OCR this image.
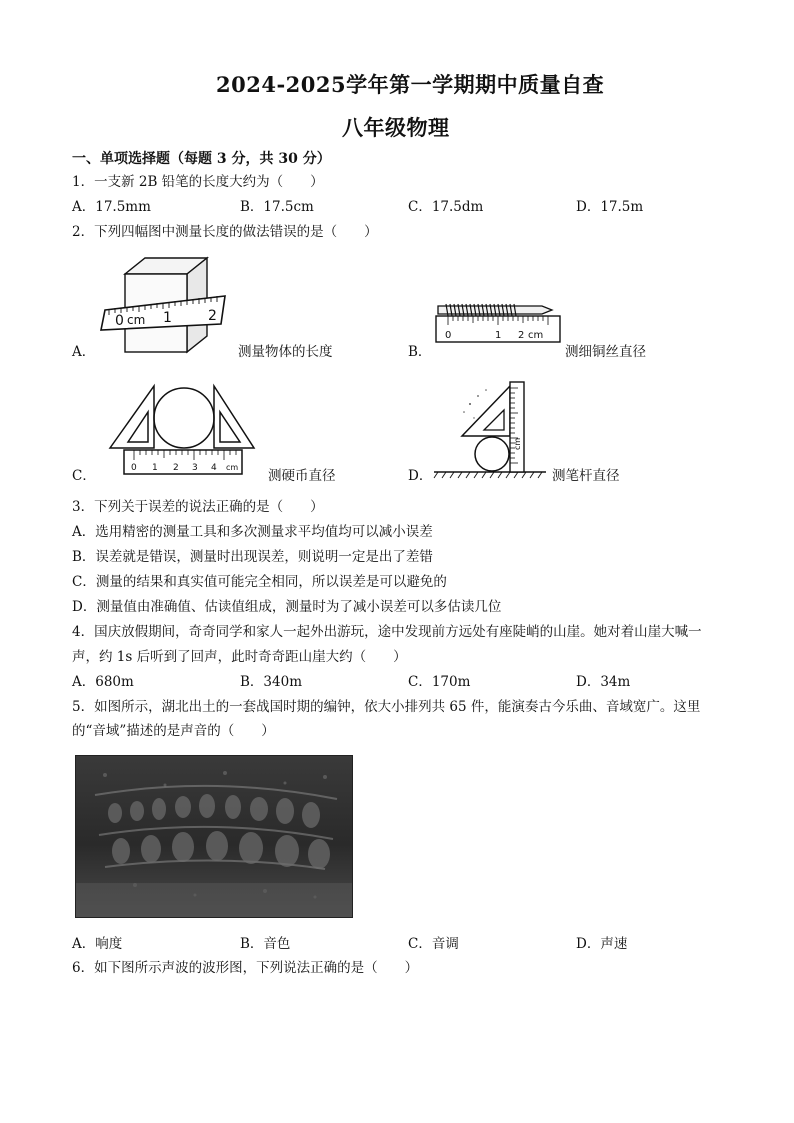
2024-2025学年第一学期期中质量自查
八年级物理
一、单项选择题（每题 3 分，共 30 分）
1．一支新 2B 铅笔的长度大约为（　　）
A．17.5mm	B．17.5cm	C．17.5dm	D．17.5m
2．下列四幅图中测量长度的做法错误的是（　　）
A．
0 cm 1	2
测量物体的长度	B．
0	1 2 cm
测细铜丝直径
C．	0 1 2 3 4 cm
测硬币直径	D．
cm
测笔杆直径
3．下列关于误差的说法正确的是（　　）
A．选用精密的测量工具和多次测量求平均值均可以减小误差
B．误差就是错误，测量时出现误差，则说明一定是出了差错
C．测量的结果和真实值可能完全相同，所以误差是可以避免的
D．测量值由准确值、估读值组成，测量时为了减小误差可以多估读几位
4．国庆放假期间，奇奇同学和家人一起外出游玩，途中发现前方远处有座陡峭的山崖。她对着山崖大喊一
声，约 1s 后听到了回声，此时奇奇距山崖大约（　　）
A．680m	B．340m	C．170m	D．34m
5．如图所示，湖北出土的一套战国时期的编钟，依大小排列共 65 件，能演奏古今乐曲、音域宽广。这里
的“音域”描述的是声音的（　　）
A．响度	B．音色	C．音调	D．声速
6．如下图所示声波的波形图，下列说法正确的是（　　）
